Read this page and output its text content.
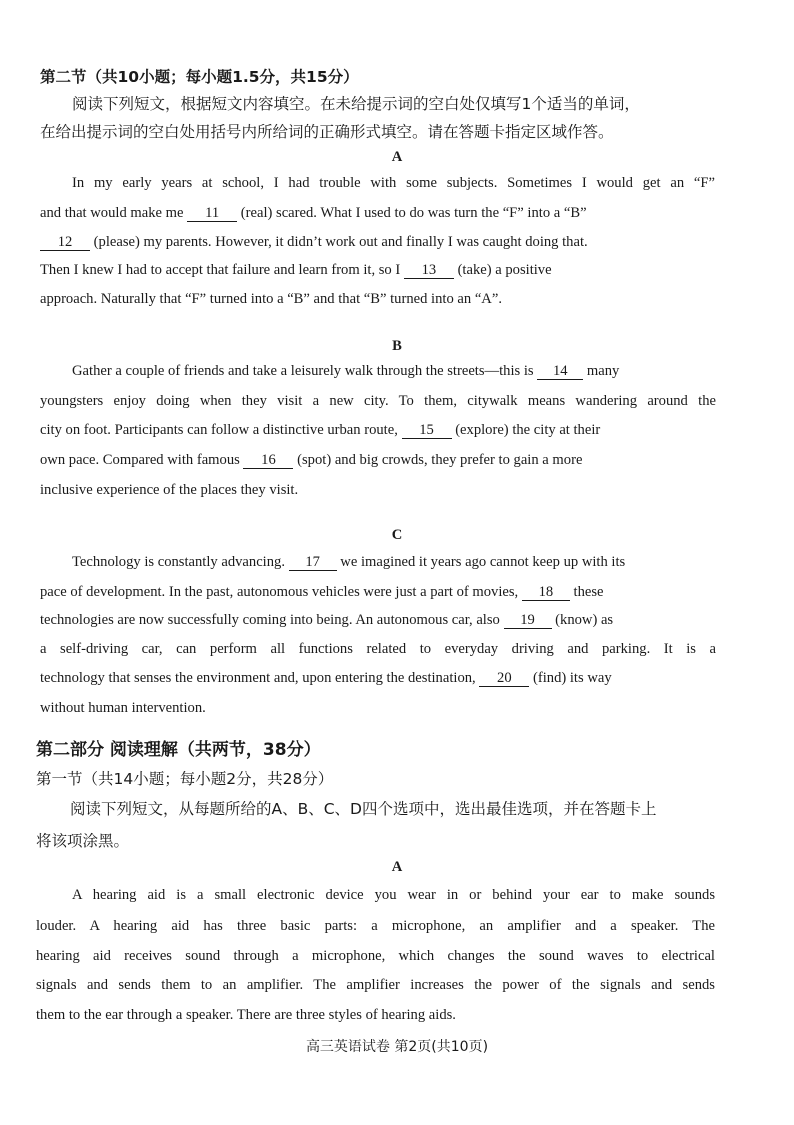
第二节（共10小题；每小题1.5分，共15分）
阅读下列短文，根据短文内容填空。在未给提示词的空白处仅填写1个适当的单词，
在给出提示词的空白处用括号内所给词的正确形式填空。请在答题卡指定区域作答。
A
In my early years at school, I had trouble with some subjects. Sometimes I would get an “F”
and that would make me 11 (real) scared. What I used to do was turn the “F” into a “B”
12 (please) my parents. However, it didn’t work out and finally I was caught doing that.
Then I knew I had to accept that failure and learn from it, so I 13 (take) a positive
approach. Naturally that “F” turned into a “B” and that “B” turned into an “A”.
B
Gather a couple of friends and take a leisurely walk through the streets—this is 14 many
youngsters enjoy doing when they visit a new city. To them, citywalk means wandering around the
city on foot. Participants can follow a distinctive urban route, 15 (explore) the city at their
own pace. Compared with famous 16 (spot) and big crowds, they prefer to gain a more
inclusive experience of the places they visit.
C
Technology is constantly advancing. 17 we imagined it years ago cannot keep up with its
pace of development. In the past, autonomous vehicles were just a part of movies, 18 these
technologies are now successfully coming into being. An autonomous car, also 19 (know) as
a self-driving car, can perform all functions related to everyday driving and parking. It is a
technology that senses the environment and, upon entering the destination, 20 (find) its way
without human intervention.
第二部分 阅读理解（共两节，38分）
第一节（共14小题；每小题2分，共28分）
阅读下列短文，从每题所给的A、B、C、D四个选项中，选出最佳选项，并在答题卡上
将该项涂黑。
A
A hearing aid is a small electronic device you wear in or behind your ear to make sounds
louder. A hearing aid has three basic parts: a microphone, an amplifier and a speaker. The
hearing aid receives sound through a microphone, which changes the sound waves to electrical
signals and sends them to an amplifier. The amplifier increases the power of the signals and sends
them to the ear through a speaker. There are three styles of hearing aids.
高三英语试卷 第2页(共10页)
